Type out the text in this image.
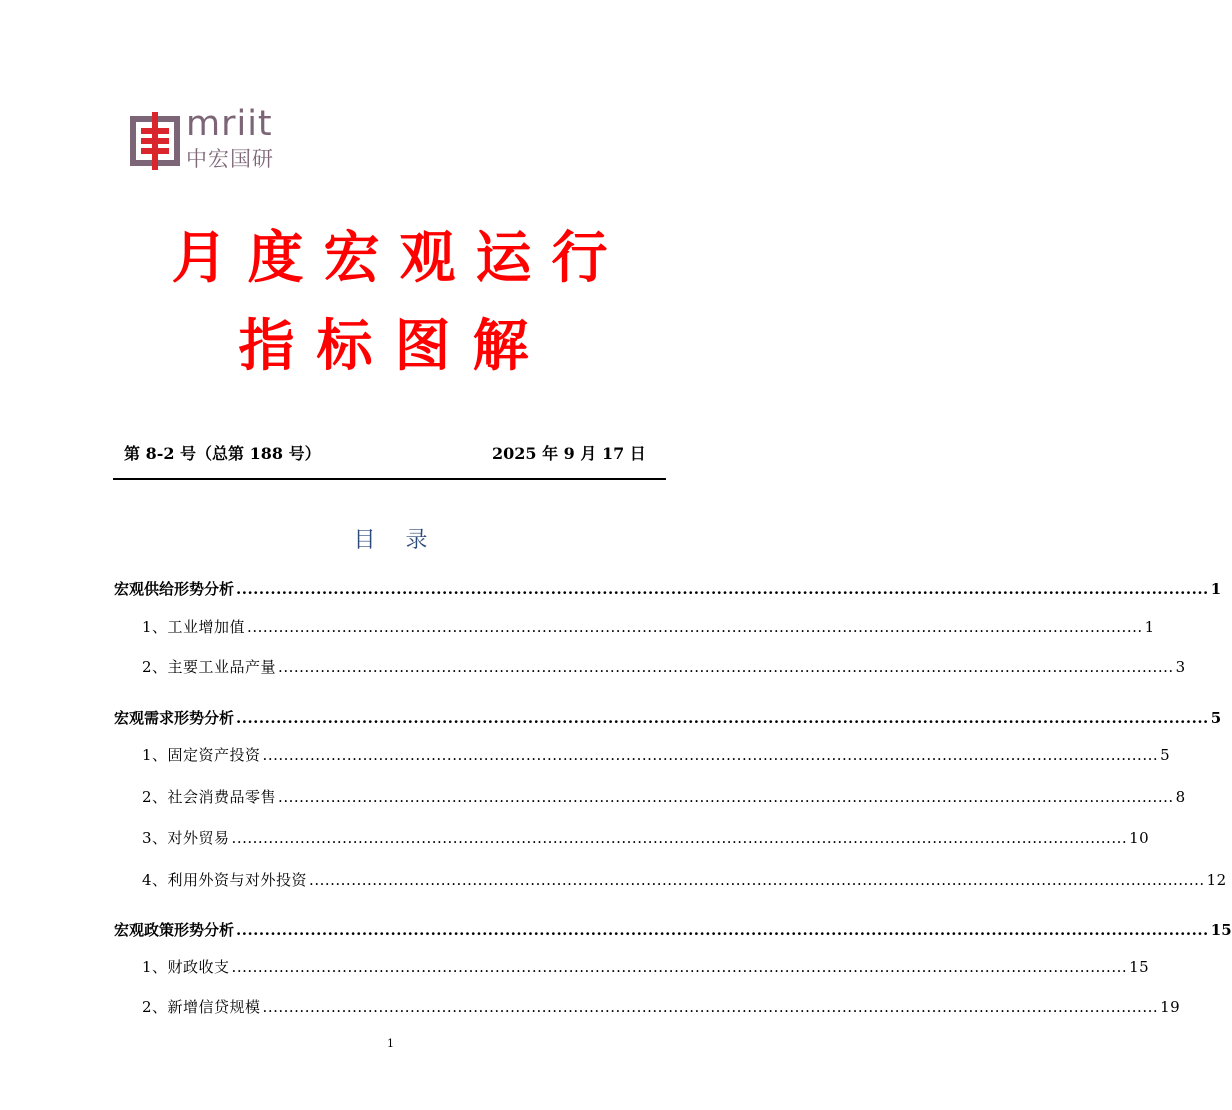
mriit
中宏国研
月度宏观运行
指标图解
第 8-2 号（总第 188 号）	2025 年 9 月 17 日
目录
宏观供给形势分析 .......................................................................................................................................................................... 1
1、工业增加值 .......................................................................................................................................................................... 1
2、主要工业品产量 .......................................................................................................................................................................... 3
宏观需求形势分析 .......................................................................................................................................................................... 5
1、固定资产投资 .......................................................................................................................................................................... 5
2、社会消费品零售 .......................................................................................................................................................................... 8
3、对外贸易 .......................................................................................................................................................................... 10
4、利用外资与对外投资 .......................................................................................................................................................................... 12
宏观政策形势分析 .......................................................................................................................................................................... 15
1、财政收支 .......................................................................................................................................................................... 15
2、新增信贷规模 .......................................................................................................................................................................... 19
1
